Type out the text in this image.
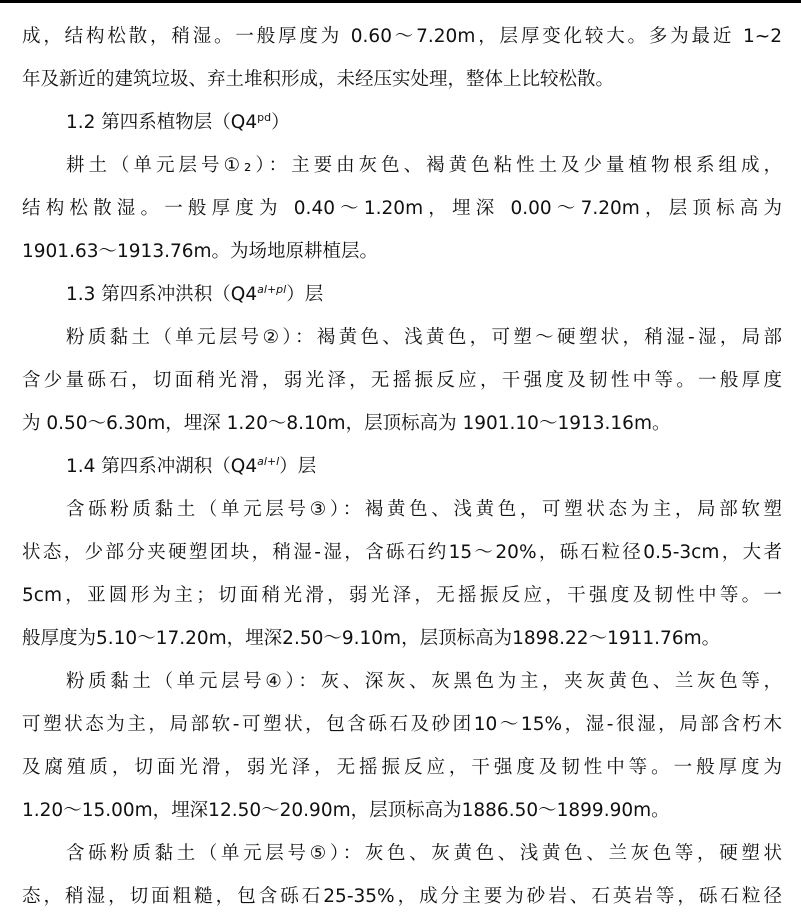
成，结构松散，稍湿。一般厚度为 0.60～7.20m，层厚变化较大。多为最近 1~2
年及新近的建筑垃圾、弃土堆积形成，未经压实处理，整体上比较松散。
1.2 第四系植物层$(Q4^{pd})$
耕土（单元层号①₂）：主要由灰色、褐黄色粘性土及少量植物根系组成，
结构松散湿。一般厚度为 0.40～1.20m，埋深 0.00～7.20m，层顶标高为
1901.63～1913.76m。为场地原耕植层。
1.3 第四系冲洪积$(Q4^{al+pl})$层
粉质黏土（单元层号②）：褐黄色、浅黄色，可塑～硬塑状，稍湿-湿，局部
含少量砾石，切面稍光滑，弱光泽，无摇振反应，干强度及韧性中等。一般厚度
为 0.50～6.30m，埋深 1.20～8.10m，层顶标高为 1901.10～1913.16m。
1.4 第四系冲湖积$(Q4^{al+l})$层
含砾粉质黏土（单元层号③）：褐黄色、浅黄色，可塑状态为主，局部软塑
状态，少部分夹硬塑团块，稍湿-湿，含砾石约15～20%，砾石粒径0.5-3cm，大者
5cm，亚圆形为主；切面稍光滑，弱光泽，无摇振反应，干强度及韧性中等。一
般厚度为5.10～17.20m，埋深2.50～9.10m，层顶标高为1898.22～1911.76m。
粉质黏土（单元层号④）：灰、深灰、灰黑色为主，夹灰黄色、兰灰色等，
可塑状态为主，局部软-可塑状，包含砾石及砂团10～15%，湿-很湿，局部含朽木
及腐殖质，切面光滑，弱光泽，无摇振反应，干强度及韧性中等。一般厚度为
1.20～15.00m，埋深12.50～20.90m，层顶标高为1886.50～1899.90m。
含砾粉质黏土（单元层号⑤）：灰色、灰黄色、浅黄色、兰灰色等，硬塑状
态，稍湿，切面粗糙，包含砾石25-35%，成分主要为砂岩、石英岩等，砾石粒径
